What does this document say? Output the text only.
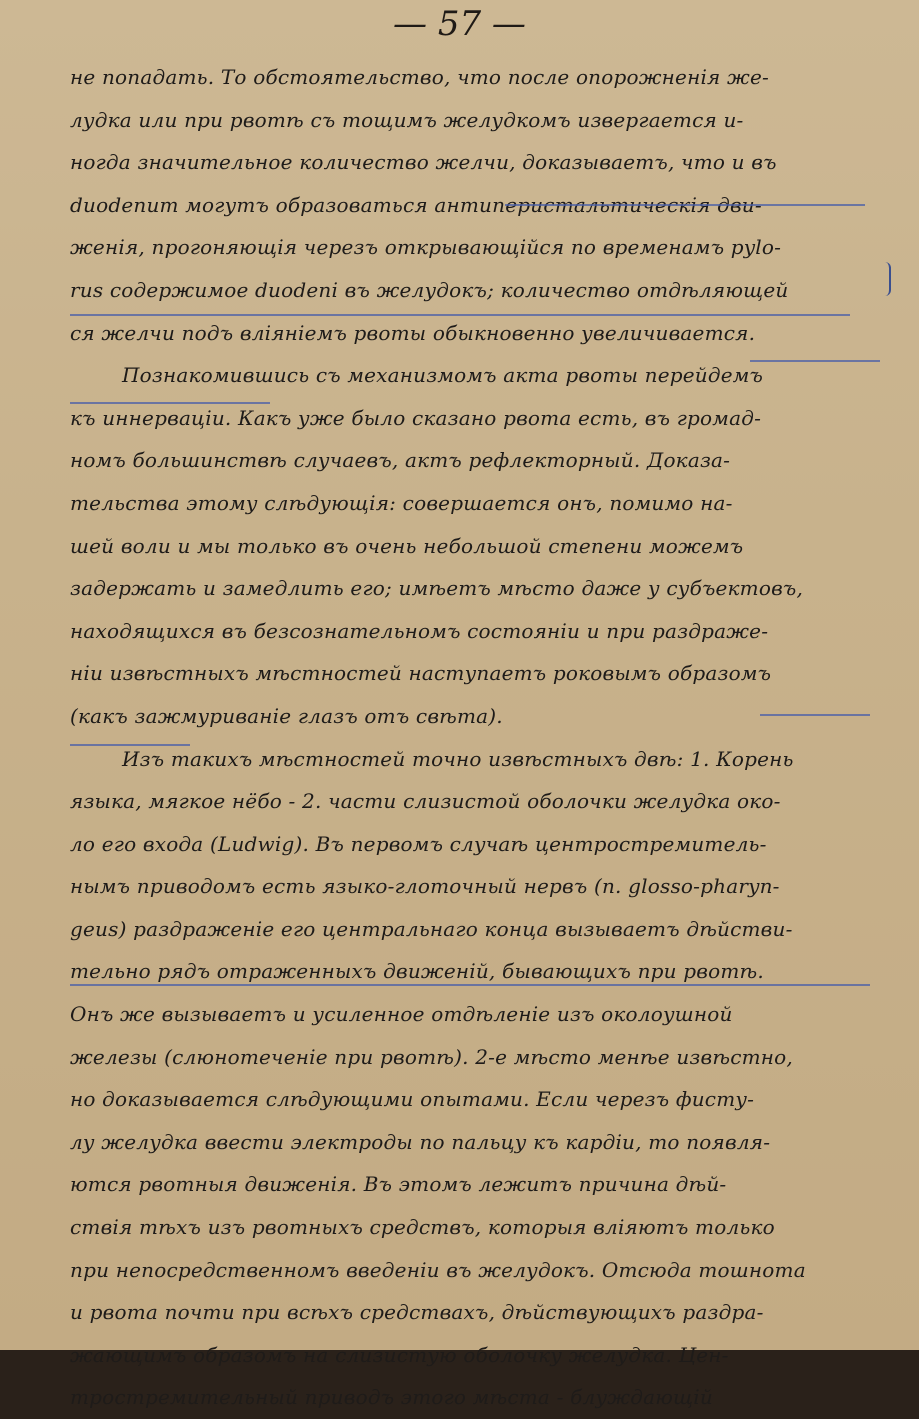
— 57 —
не попадать. То обстоятельство, что после опорожненія же-
лудка или при рвотѣ съ тощимъ желудкомъ извергается и-
ногда значительное количество желчи, доказываетъ, что и въ
duodenum могутъ образоваться антиперистальтическія дви-
женія, прогоняющія черезъ открывающійся по временамъ pylo-
rus содержимое duodeni въ желудокъ; количество отдѣляющей
ся желчи подъ вліяніемъ рвоты обыкновенно увеличивается.
Познакомившись съ механизмомъ акта рвоты перейдемъ
къ иннерваціи. Какъ уже было сказано рвота есть, въ громад-
номъ большинствѣ случаевъ, актъ рефлекторный. Доказа-
тельства этому слѣдующія: совершается онъ, помимо на-
шей воли и мы только въ очень небольшой степени можемъ
задержать и замедлить его; имѣетъ мѣсто даже у субъектовъ,
находящихся въ безсознательномъ состояніи и при раздраже-
ніи извѣстныхъ мѣстностей наступаетъ роковымъ образомъ
(какъ зажмуриваніе глазъ отъ свѣта).
Изъ такихъ мѣстностей точно извѣстныхъ двѣ: 1. Корень
языка, мягкое нёбо - 2. части слизистой оболочки желудка око-
ло его входа (Ludwig). Въ первомъ случаѣ центростремитель-
нымъ приводомъ есть языко-глоточный нервъ (n. glosso-pharyn-
geus) раздраженіе его центральнаго конца вызываетъ дѣйстви-
тельно рядъ отраженныхъ движеній, бывающихъ при рвотѣ.
Онъ же вызываетъ и усиленное отдѣленіе изъ околоушной
железы (слюнотеченіе при рвотѣ). 2-е мѣсто менѣе извѣстно,
но доказывается слѣдующими опытами. Если черезъ фисту-
лу желудка ввести электроды по пальцу къ кардіи, то появля-
ются рвотныя движенія. Въ этомъ лежитъ причина дѣй-
ствія тѣхъ изъ рвотныхъ средствъ, которыя вліяютъ только
при непосредственномъ введеніи въ желудокъ. Отсюда тошнота
и рвота почти при всѣхъ средствахъ, дѣйствующихъ раздра-
жающимъ образомъ на слизистую оболочку желудка. Цен-
тростремительный приводъ этого мѣста - блуждающій
